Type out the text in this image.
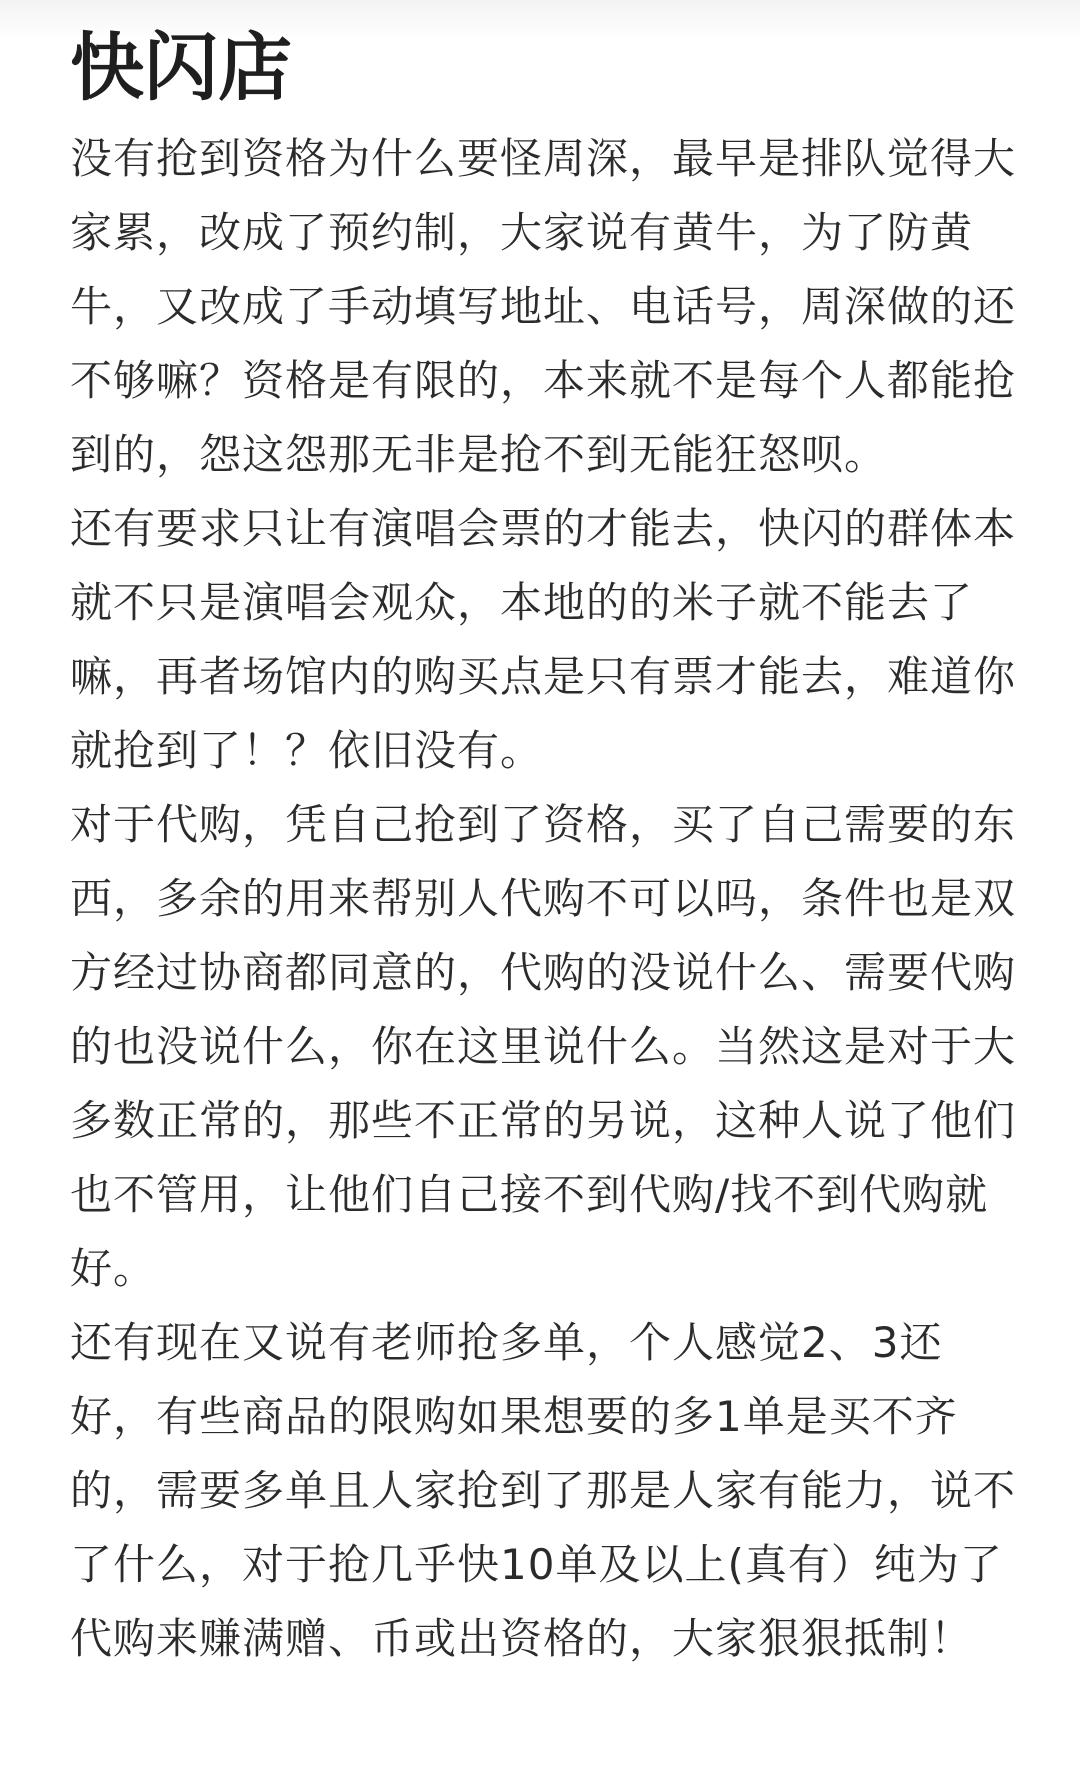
快闪店

没有抢到资格为什么要怪周深，最早是排队觉得大家累，改成了预约制，大家说有黄牛，为了防黄牛，又改成了手动填写地址、电话号，周深做的还不够嘛？资格是有限的，本来就不是每个人都能抢到的，怨这怨那无非是抢不到无能狂怒呗。

还有要求只让有演唱会票的才能去，快闪的群体本就不只是演唱会观众，本地的的米子就不能去了嘛，再者场馆内的购买点是只有票才能去，难道你就抢到了！？依旧没有。

对于代购，凭自己抢到了资格，买了自己需要的东西，多余的用来帮别人代购不可以吗，条件也是双方经过协商都同意的，代购的没说什么、需要代购的也没说什么，你在这里说什么。当然这是对于大多数正常的，那些不正常的另说，这种人说了他们也不管用，让他们自己接不到代购/找不到代购就好。

还有现在又说有老师抢多单，个人感觉2、3还好，有些商品的限购如果想要的多1单是买不齐的，需要多单且人家抢到了那是人家有能力，说不了什么，对于抢几乎快10单及以上(真有）纯为了代购来赚满赠、币或出资格的，大家狠狠抵制！
